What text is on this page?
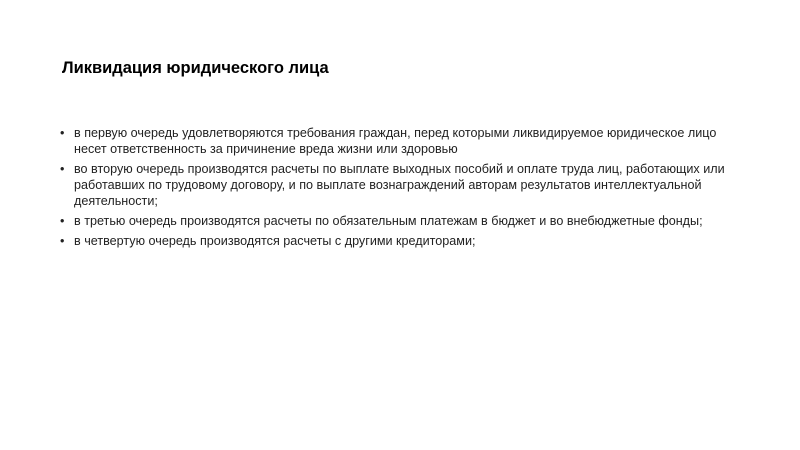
Ликвидация юридического лица
• в первую очередь удовлетворяются требования граждан, перед которыми ликвидируемое юридическое лицо несет ответственность за причинение вреда жизни или здоровью
• во вторую очередь производятся расчеты по выплате выходных пособий и оплате труда лиц, работающих или работавших по трудовому договору, и по выплате вознаграждений авторам результатов интеллектуальной деятельности;
• в третью очередь производятся расчеты по обязательным платежам в бюджет и во внебюджетные фонды;
• в четвертую очередь производятся расчеты с другими кредиторами;
